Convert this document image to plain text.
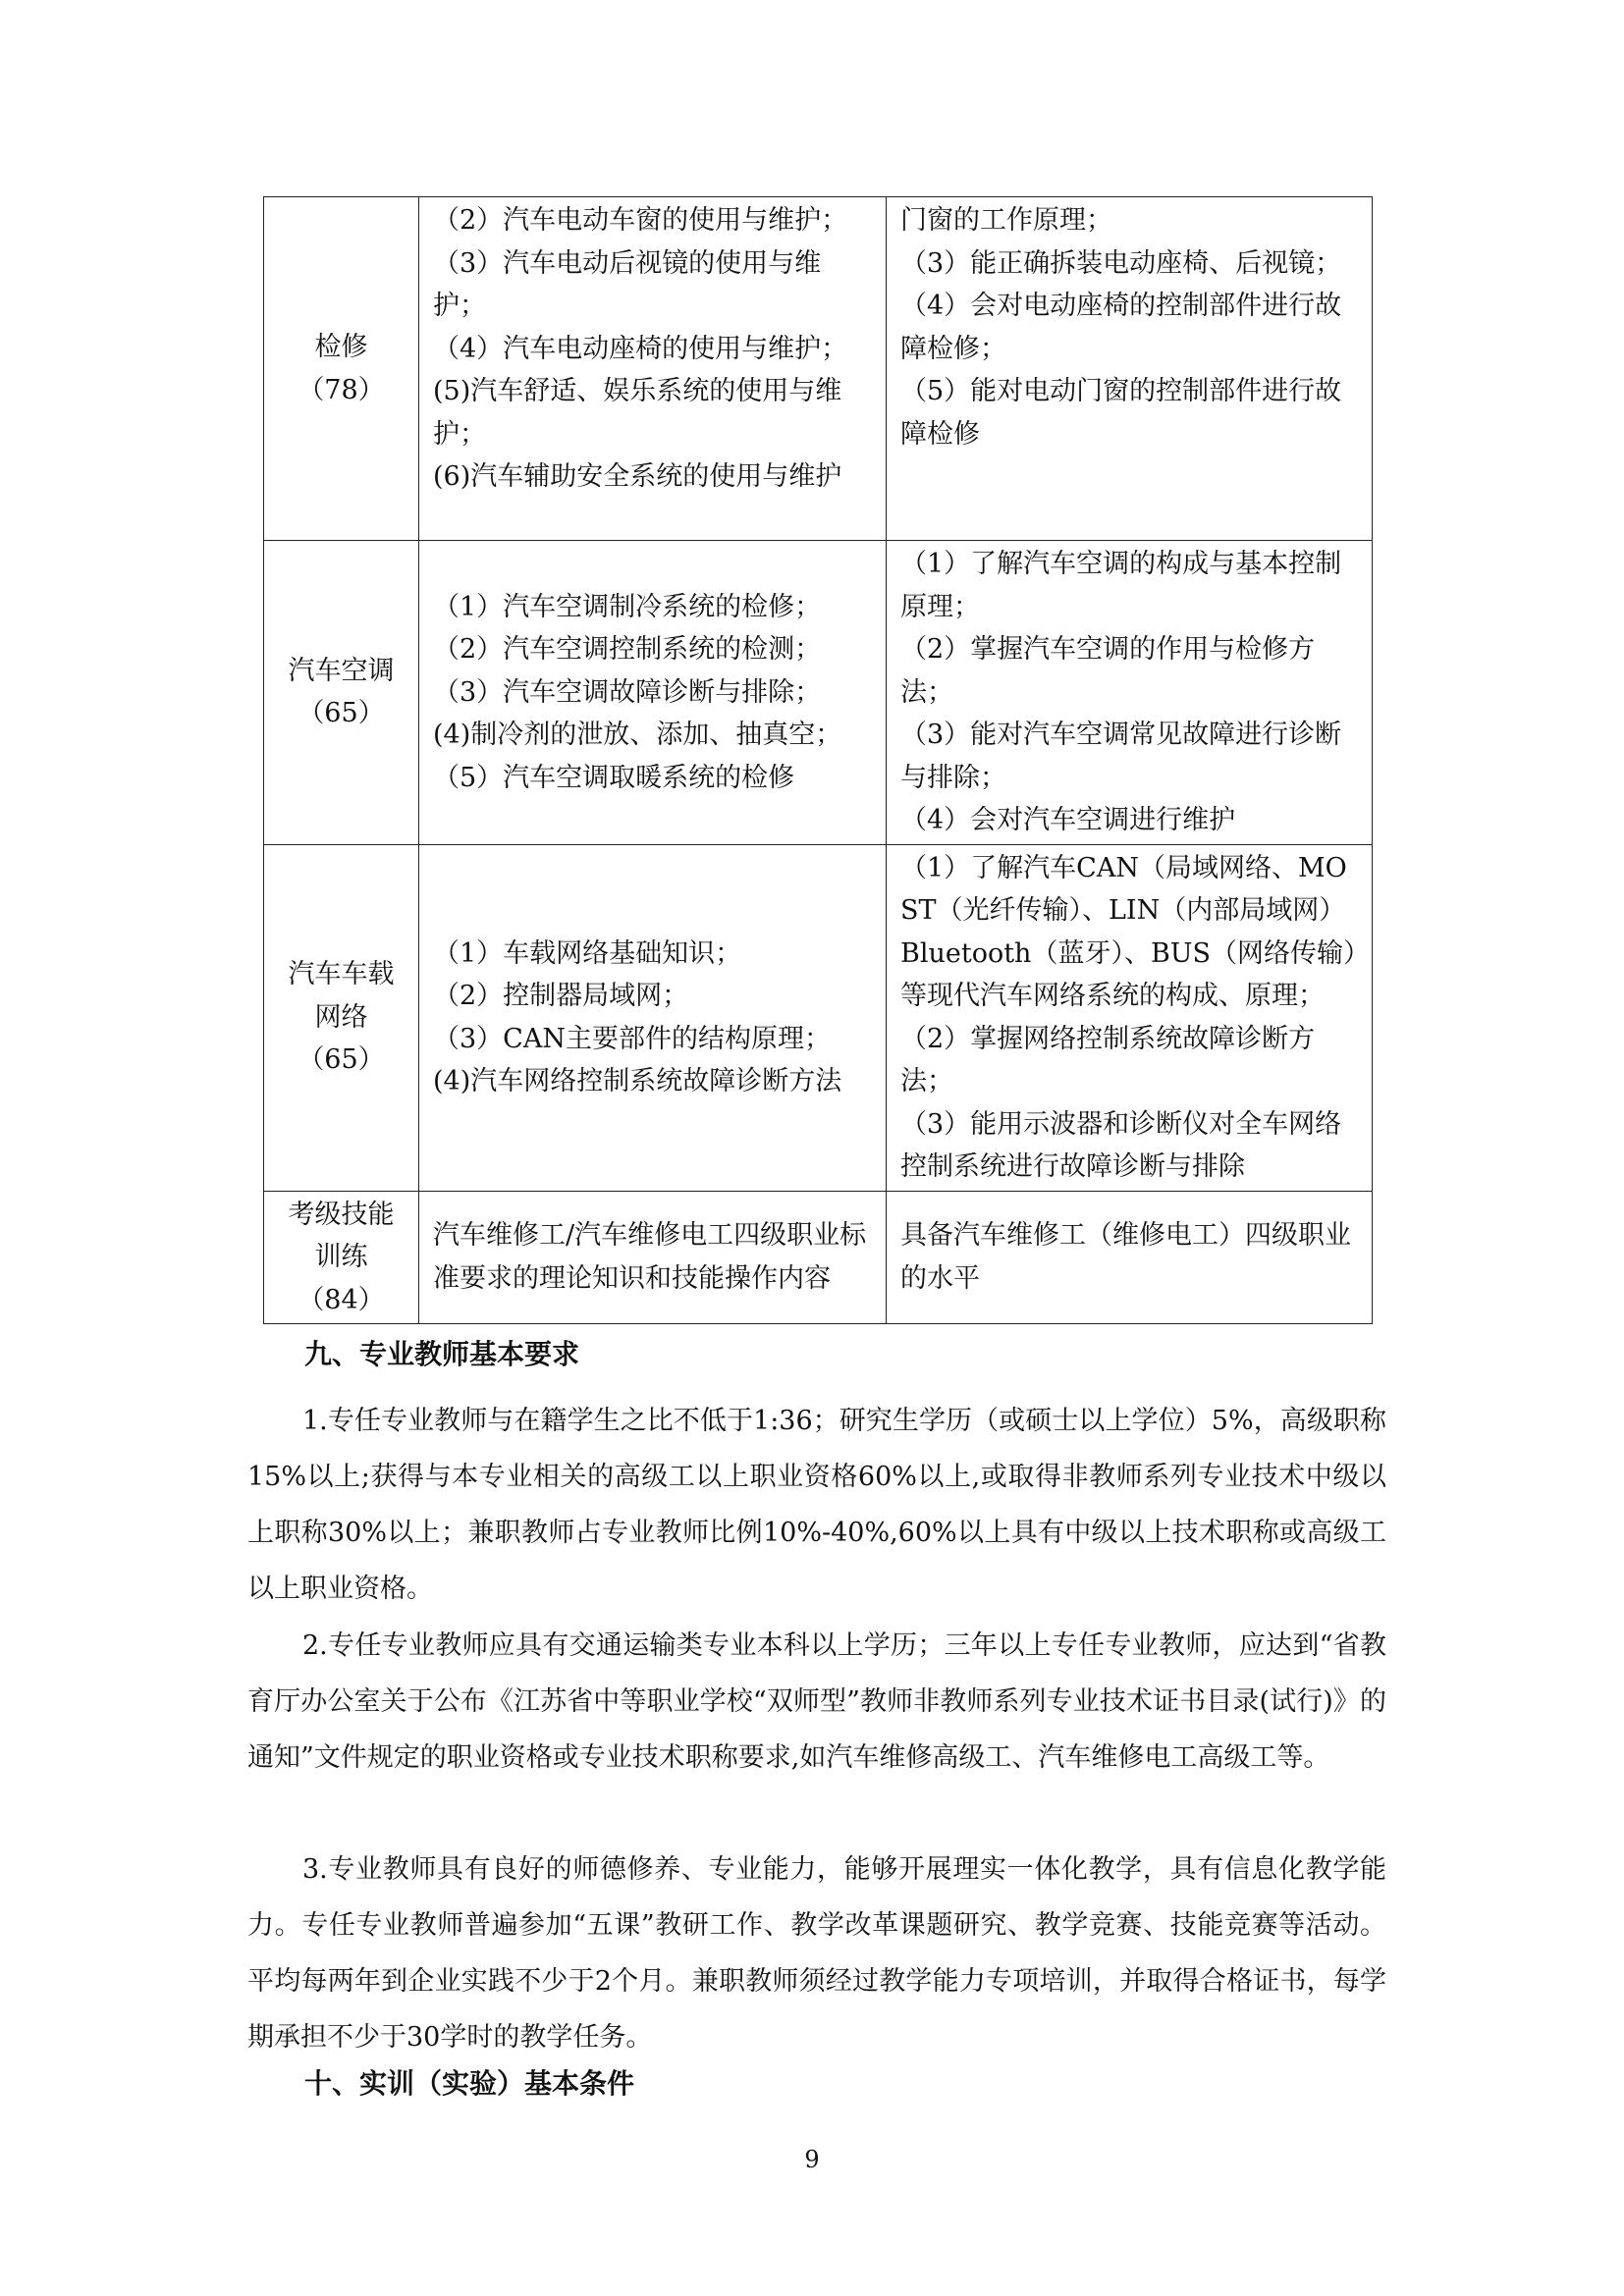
检修
（78）	（2）汽车电动车窗的使用与维护；
（3）汽车电动后视镜的使用与维护；
（4）汽车电动座椅的使用与维护；
(5)汽车舒适、娱乐系统的使用与维护；
(6)汽车辅助安全系统的使用与维护	门窗的工作原理；
（3）能正确拆装电动座椅、后视镜；
（4）会对电动座椅的控制部件进行故障检修；
（5）能对电动门窗的控制部件进行故障检修

汽车空调
（65）	（1）汽车空调制冷系统的检修；
（2）汽车空调控制系统的检测；
（3）汽车空调故障诊断与排除；
(4)制冷剂的泄放、添加、抽真空；
（5）汽车空调取暖系统的检修	（1）了解汽车空调的构成与基本控制原理；
（2）掌握汽车空调的作用与检修方法；
（3）能对汽车空调常见故障进行诊断与排除；
（4）会对汽车空调进行维护

汽车车载
网络
（65）	（1）车载网络基础知识；
（2）控制器局域网；
（3）CAN主要部件的结构原理；
(4)汽车网络控制系统故障诊断方法	（1）了解汽车CAN（局域网络、MOST（光纤传输）、LIN（内部局域网）Bluetooth（蓝牙）、BUS（网络传输）等现代汽车网络系统的构成、原理；
（2）掌握网络控制系统故障诊断方法；
（3）能用示波器和诊断仪对全车网络控制系统进行故障诊断与排除

考级技能
训练
（84）	汽车维修工/汽车维修电工四级职业标准要求的理论知识和技能操作内容	具备汽车维修工（维修电工）四级职业的水平
九、专业教师基本要求

1.专任专业教师与在籍学生之比不低于1:36；研究生学历（或硕士以上学位）5%，高级职称15%以上;获得与本专业相关的高级工以上职业资格60%以上,或取得非教师系列专业技术中级以上职称30%以上；兼职教师占专业教师比例10%-40%,60%以上具有中级以上技术职称或高级工以上职业资格。

2.专任专业教师应具有交通运输类专业本科以上学历；三年以上专任专业教师，应达到“省教育厅办公室关于公布《江苏省中等职业学校“双师型”教师非教师系列专业技术证书目录(试行)》的通知”文件规定的职业资格或专业技术职称要求,如汽车维修高级工、汽车维修电工高级工等。

3.专业教师具有良好的师德修养、专业能力，能够开展理实一体化教学，具有信息化教学能力。专任专业教师普遍参加“五课”教研工作、教学改革课题研究、教学竞赛、技能竞赛等活动。平均每两年到企业实践不少于2个月。兼职教师须经过教学能力专项培训，并取得合格证书，每学期承担不少于30学时的教学任务。

十、实训（实验）基本条件
9
